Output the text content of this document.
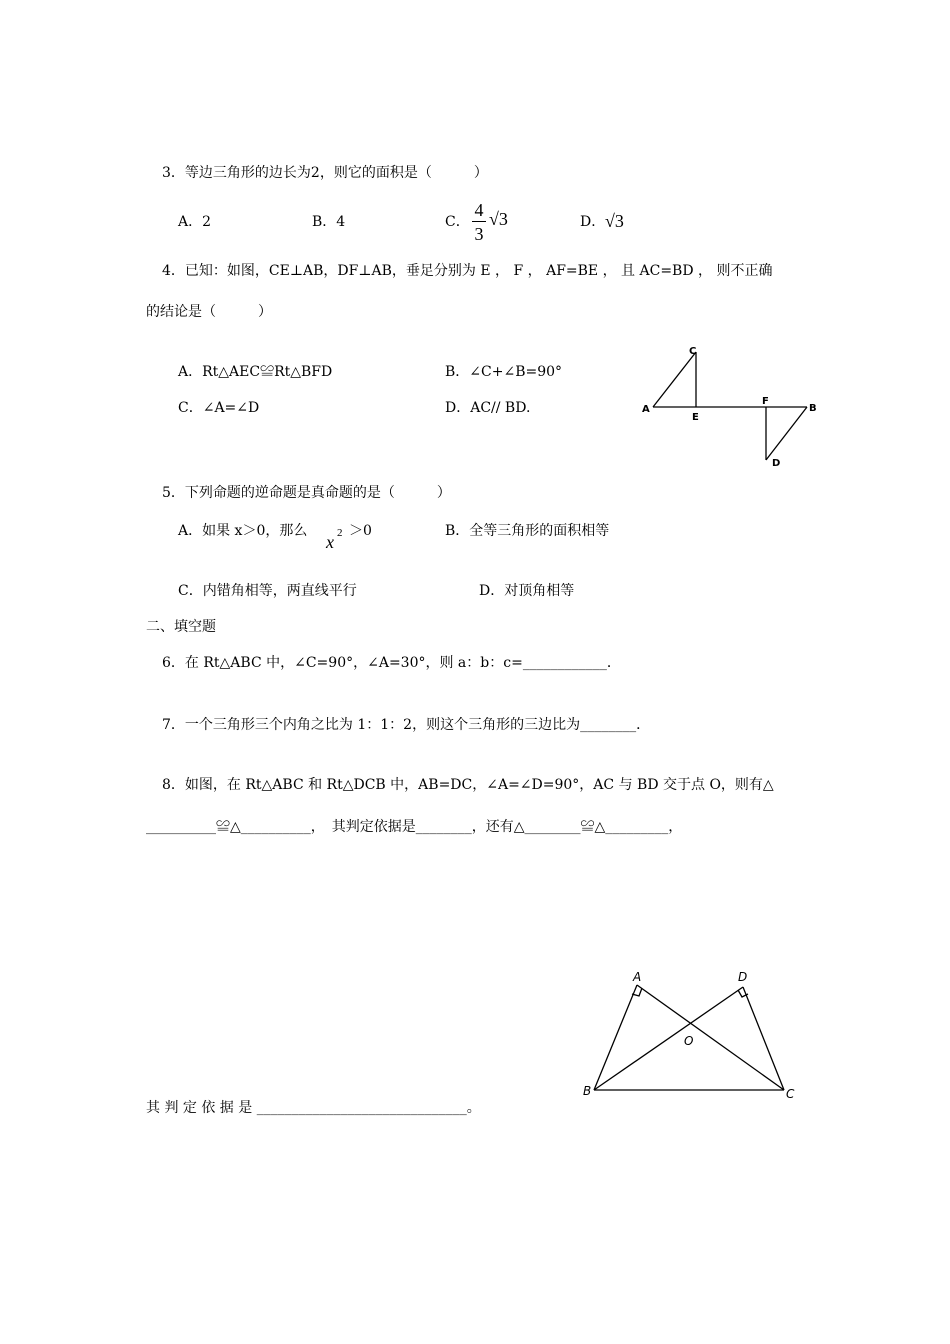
3．等边三角形的边长为2，则它的面积是（　　　）
A．2	B．4	C．
4
3
√3	D． √3
4．已知：如图，CE⊥AB，DF⊥AB，垂足分别为 E ， F ， AF=BE ， 且 AC=BD ， 则不正确
的结论是（　　　）
A．Rt△AEC≌Rt△BFD	B．∠C+∠B=90°
C．∠A=∠D	D．AC// BD.
C
A
E
F
B
D
5．下列命题的逆命题是真命题的是（　　　）
A．如果 x＞0，那么
x 2 ＞0	B．全等三角形的面积相等
C．内错角相等，两直线平行	D．对顶角相等
二、填空题
6．在 Rt△ABC 中，∠C=90°，∠A=30°，则 a：b：c=____________．
7．一个三角形三个内角之比为 1：1：2，则这个三角形的三边比为________．
8．如图，在 Rt△ABC 和 Rt△DCB 中，AB=DC，∠A=∠D=90°，AC 与 BD 交于点 O，则有△
__________≌△__________，　其判定依据是________，还有△________≌△_________，
其 判 定 依 据 是 ______________________________。
A	D
O
B	C
